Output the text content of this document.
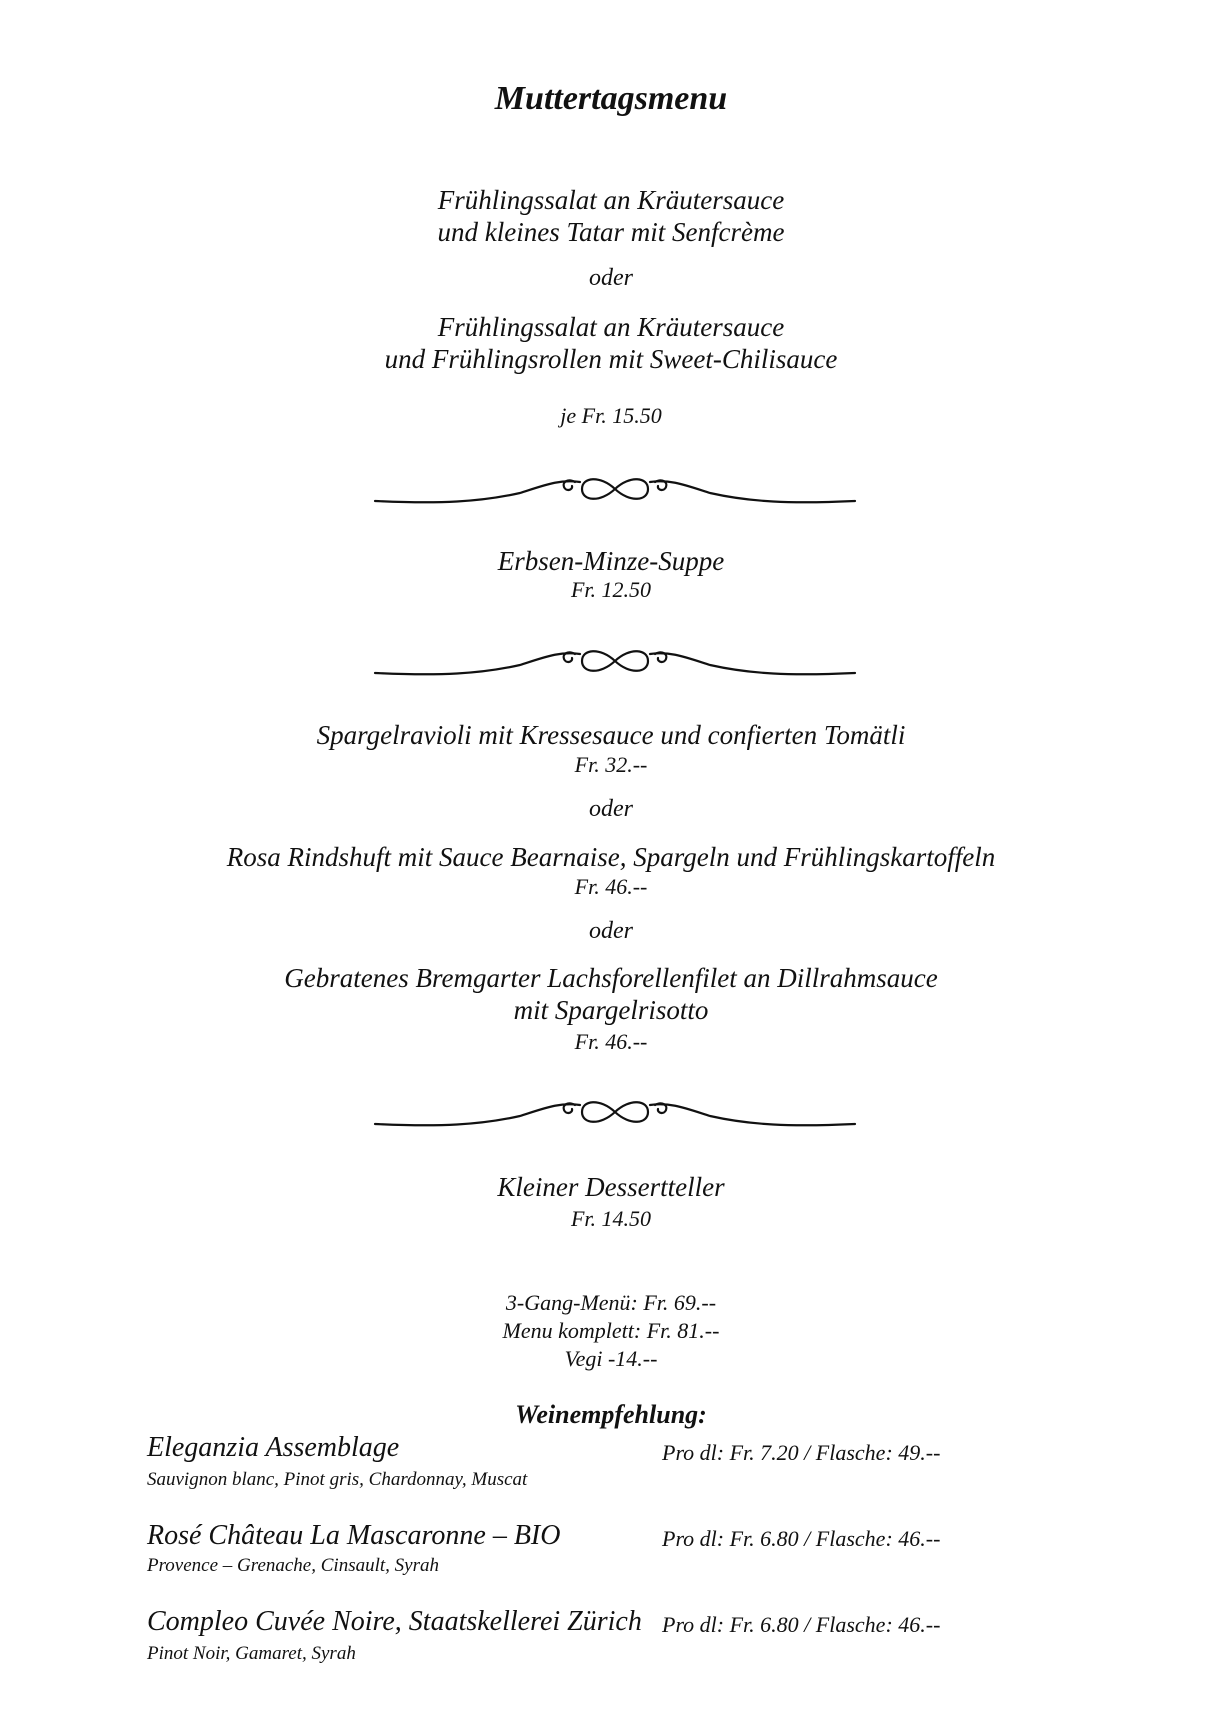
Muttertagsmenu
Frühlingssalat an Kräutersauce
und kleines Tatar mit Senfcrème
oder
Frühlingssalat an Kräutersauce
und Frühlingsrollen mit Sweet-Chilisauce
je Fr. 15.50
Erbsen-Minze-Suppe
Fr. 12.50
Spargelravioli mit Kressesauce und confierten Tomätli
Fr. 32.--
oder
Rosa Rindshuft mit Sauce Bearnaise, Spargeln und Frühlingskartoffeln
Fr. 46.--
oder
Gebratenes Bremgarter Lachsforellenfilet an Dillrahmsauce
mit Spargelrisotto
Fr. 46.--
Kleiner Dessertteller
Fr. 14.50
3-Gang-Menü: Fr. 69.--
Menu komplett: Fr. 81.--
Vegi -14.--
Weinempfehlung:
Eleganzia Assemblage	Pro dl: Fr. 7.20 / Flasche: 49.--
Sauvignon blanc, Pinot gris, Chardonnay, Muscat
Rosé Château La Mascaronne – BIO	Pro dl: Fr. 6.80 / Flasche: 46.--
Provence – Grenache, Cinsault, Syrah
Compleo Cuvée Noire, Staatskellerei Zürich Pro dl: Fr. 6.80 / Flasche: 46.--
Pinot Noir, Gamaret, Syrah
